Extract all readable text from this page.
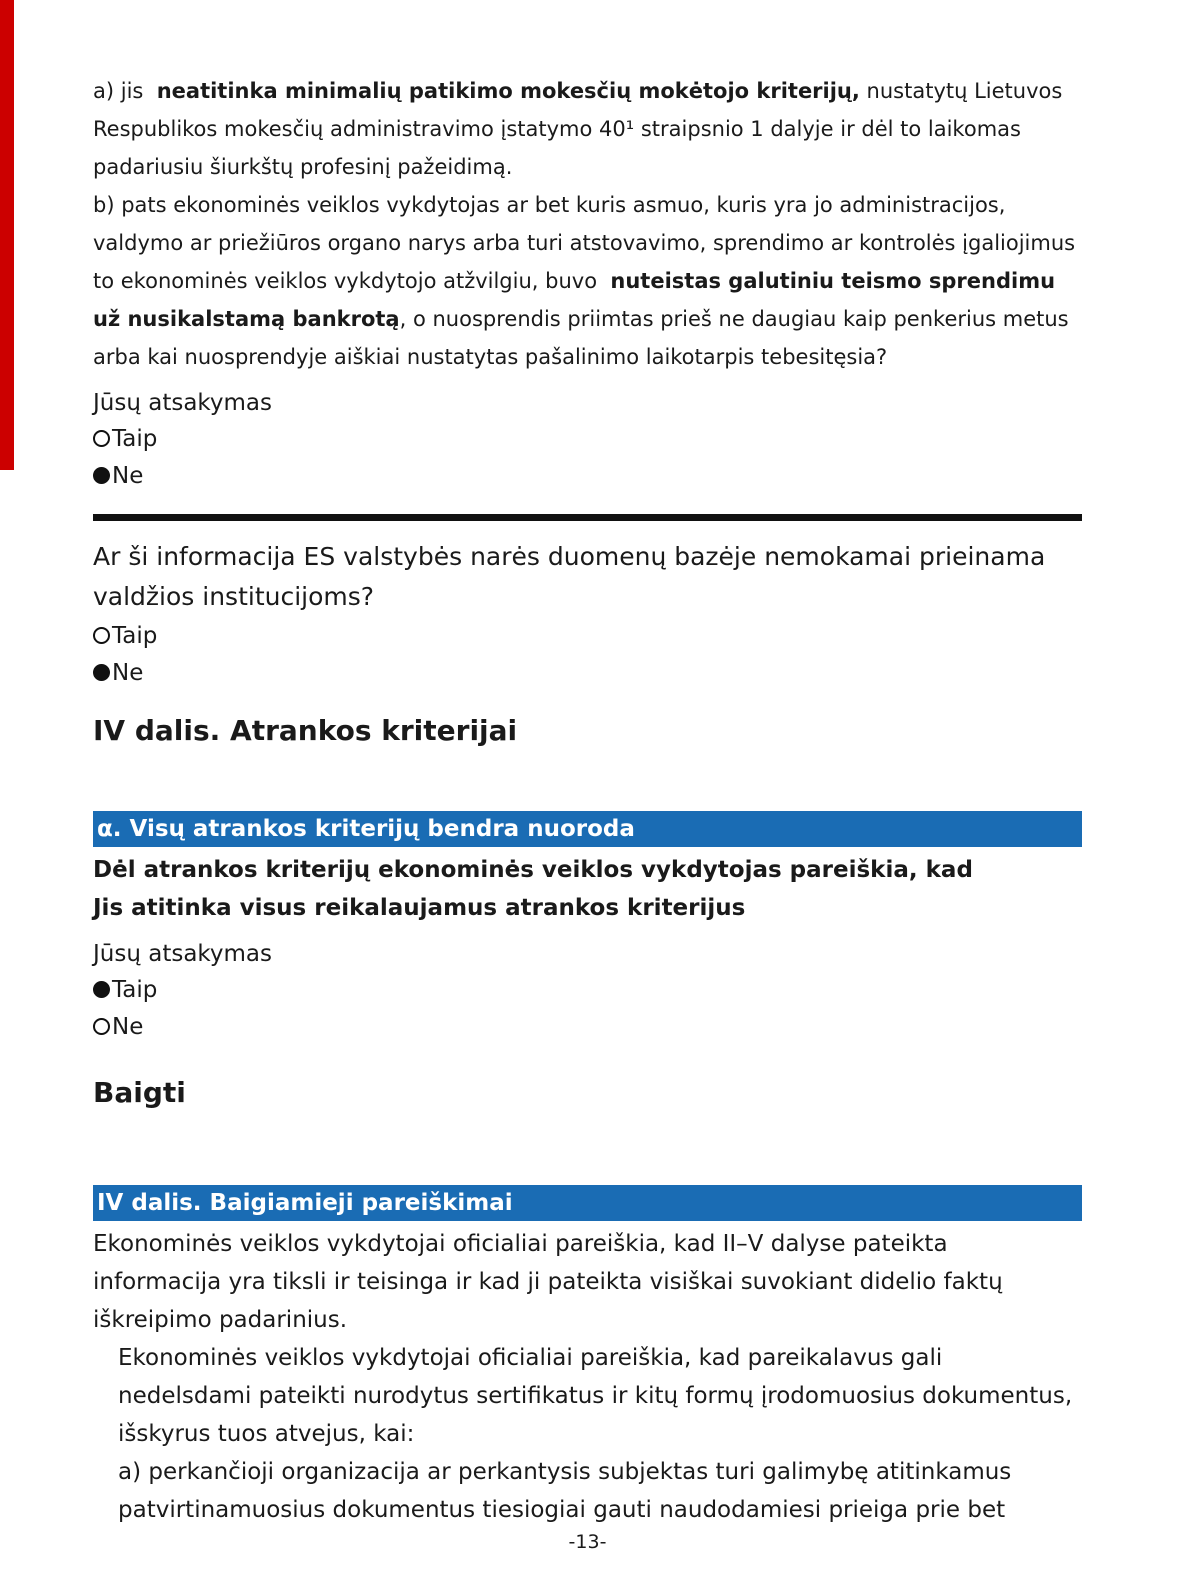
a) jis  neatitinka minimalių patikimo mokesčių mokėtojo kriterijų, nustatytų Lietuvos Respublikos mokesčių administravimo įstatymo 40¹ straipsnio 1 dalyje ir dėl to laikomas padariusiu šiurkštų profesinį pažeidimą.
b) pats ekonominės veiklos vykdytojas ar bet kuris asmuo, kuris yra jo administracijos, valdymo ar priežiūros organo narys arba turi atstovavimo, sprendimo ar kontrolės įgaliojimus to ekonominės veiklos vykdytojo atžvilgiu, buvo  nuteistas galutiniu teismo sprendimu už nusikalstamą bankrotą, o nuosprendis priimtas prieš ne daugiau kaip penkerius metus arba kai nuosprendyje aiškiai nustatytas pašalinimo laikotarpis tebesitęsia?
Jūsų atsakymas
Taip
Ne
Ar ši informacija ES valstybės narės duomenų bazėje nemokamai prieinama valdžios institucijoms?
Taip
Ne
IV dalis. Atrankos kriterijai
α. Visų atrankos kriterijų bendra nuoroda
Dėl atrankos kriterijų ekonominės veiklos vykdytojas pareiškia, kad
Jis atitinka visus reikalaujamus atrankos kriterijus
Jūsų atsakymas
Taip
Ne
Baigti
IV dalis. Baigiamieji pareiškimai
Ekonominės veiklos vykdytojai oficialiai pareiškia, kad II–V dalyse pateikta informacija yra tiksli ir teisinga ir kad ji pateikta visiškai suvokiant didelio faktų iškreipimo padarinius.
Ekonominės veiklos vykdytojai oficialiai pareiškia, kad pareikalavus gali nedelsdami pateikti nurodytus sertifikatus ir kitų formų įrodomuosius dokumentus, išskyrus tuos atvejus, kai:
a) perkančioji organizacija ar perkantysis subjektas turi galimybę atitinkamus patvirtinamuosius dokumentus tiesiogiai gauti naudodamiesi prieiga prie bet
-13-
